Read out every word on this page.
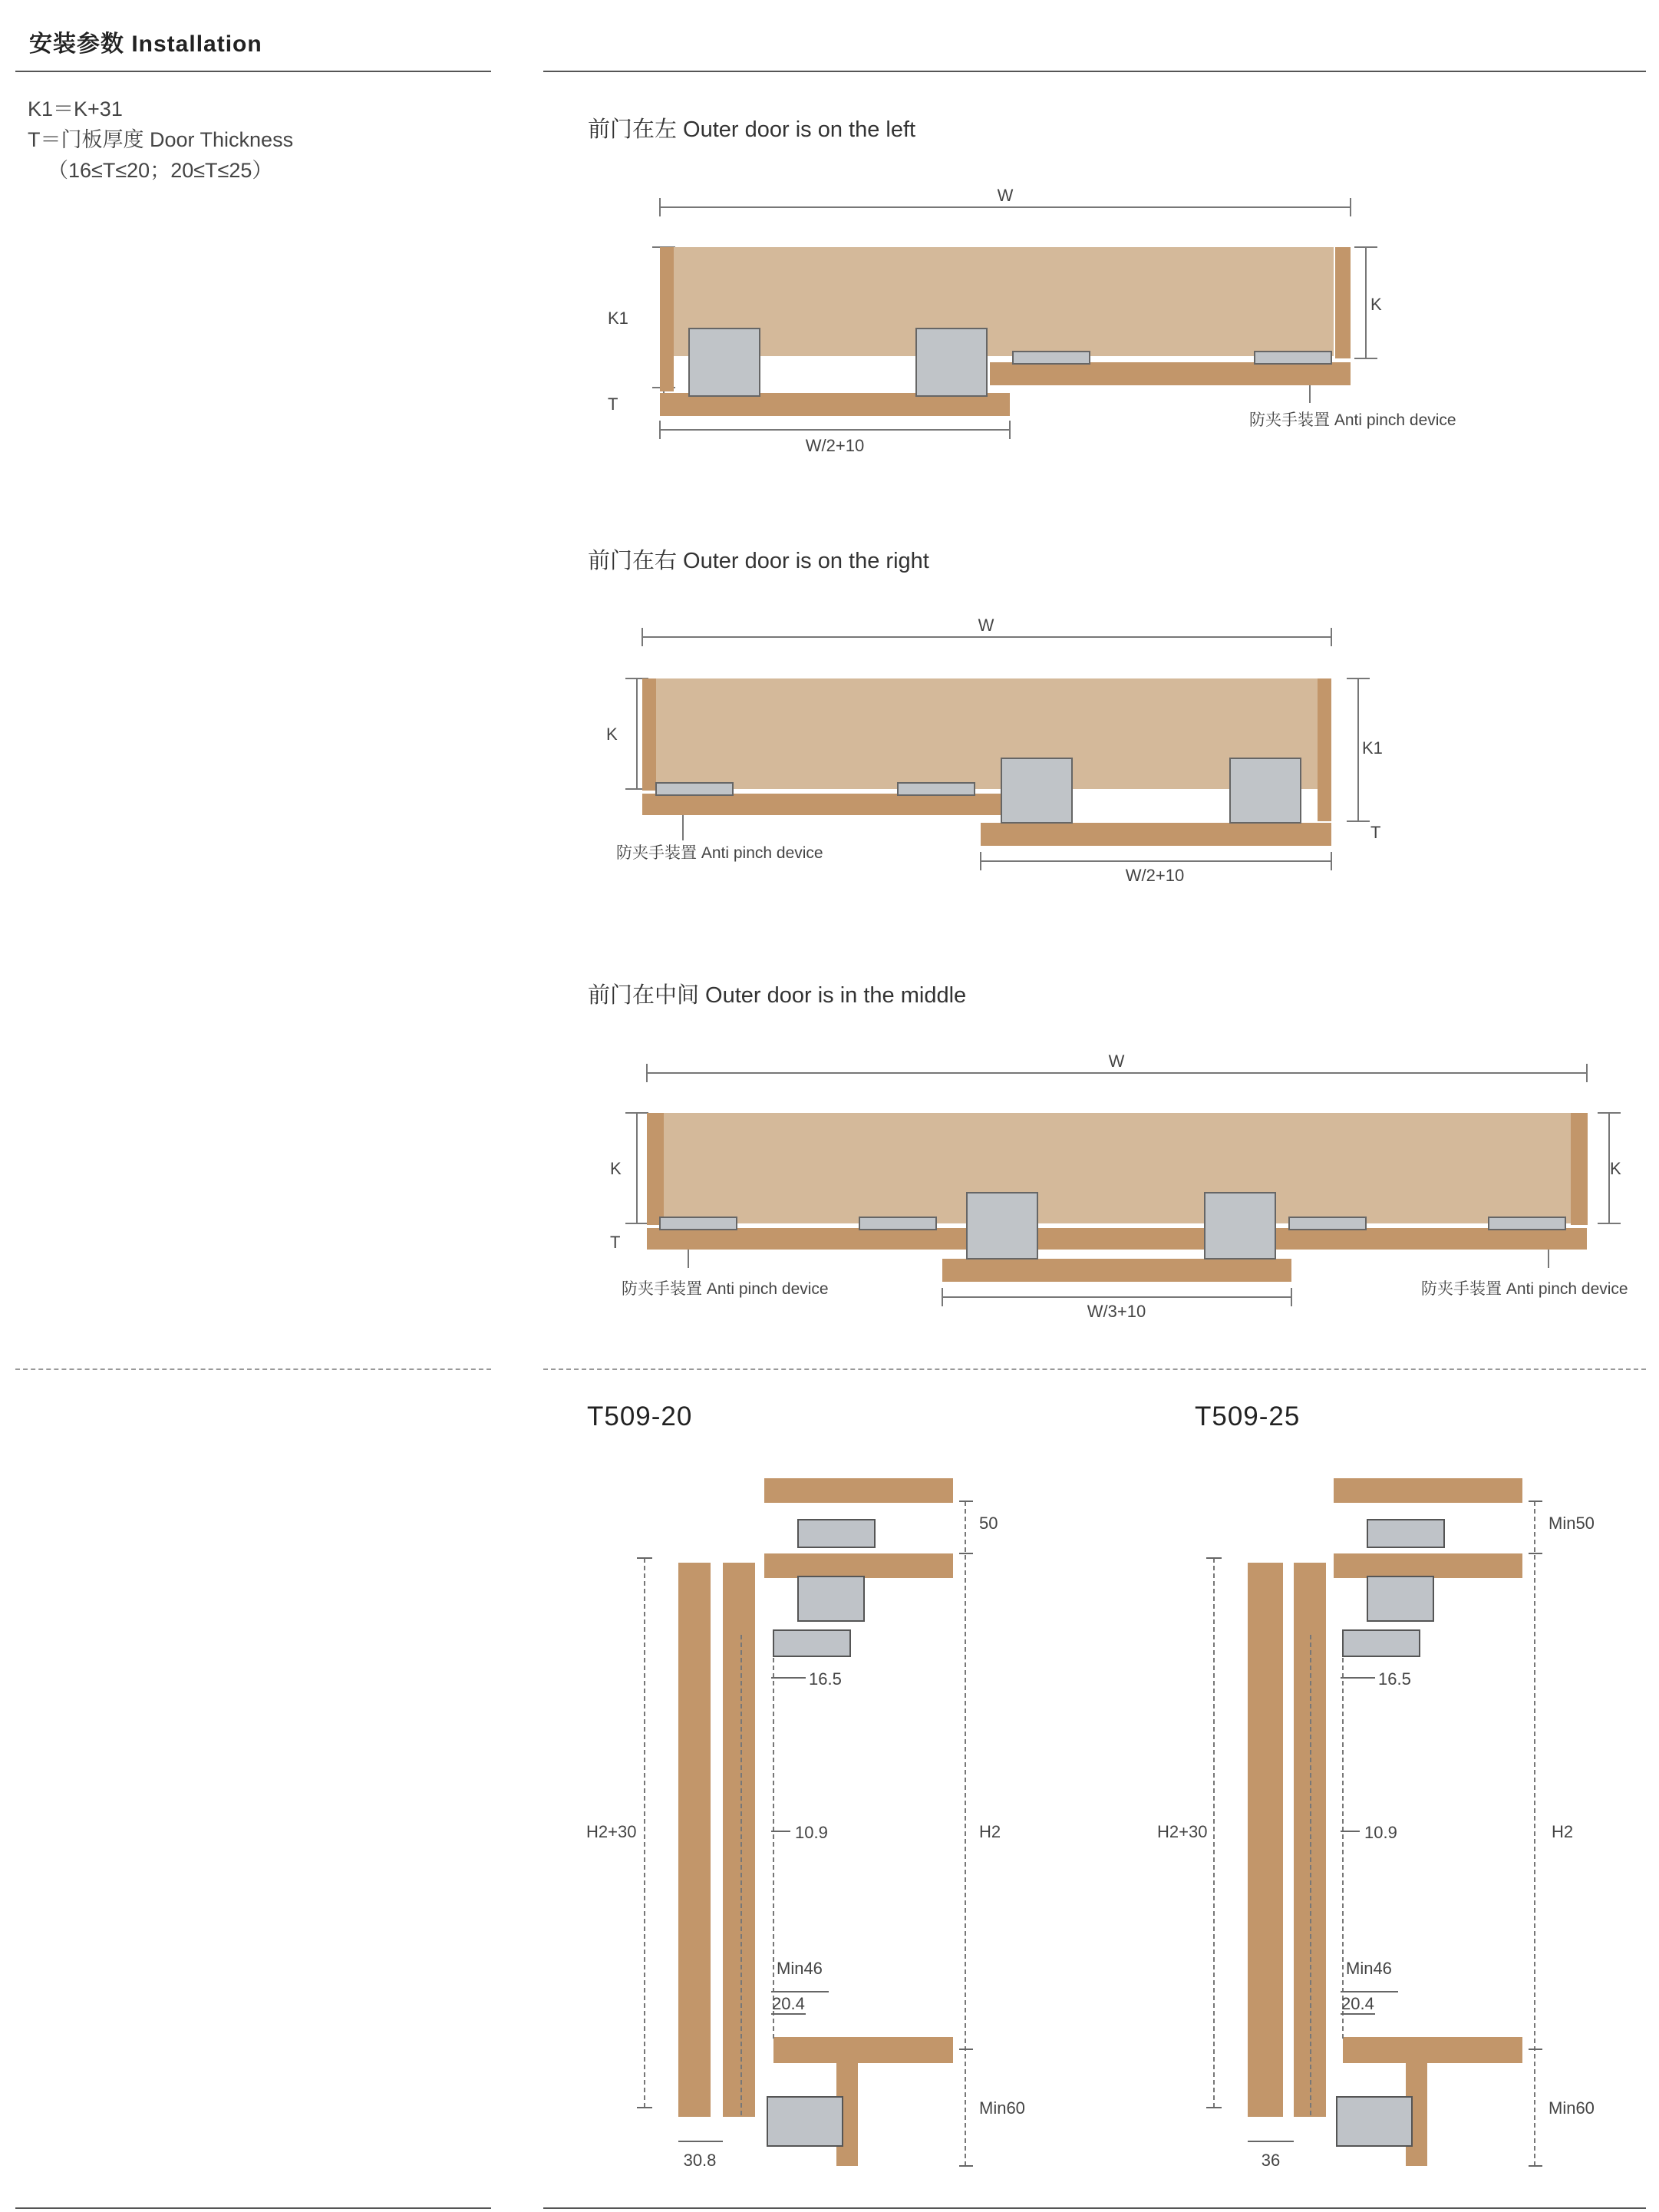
安装参数 Installation
K1＝K+31
T＝门板厚度 Door Thickness
（16≤T≤20；20≤T≤25）
前门在左 Outer door is on the left
W
K1
K
T
W/2+10
防夹手装置 Anti pinch device
前门在右 Outer door is on the right
W
K
K1
T
W/2+10
防夹手装置 Anti pinch device
前门在中间 Outer door is in the middle
W
K	K
T
W/3+10
防夹手装置 Anti pinch device	防夹手装置 Anti pinch device
T509-20
50
16.5
10.9
H2+30	H2
Min46
20.4
Min60
30.8
T509-25
Min50
16.5
10.9
H2+30	H2
Min46
20.4
Min60
36
